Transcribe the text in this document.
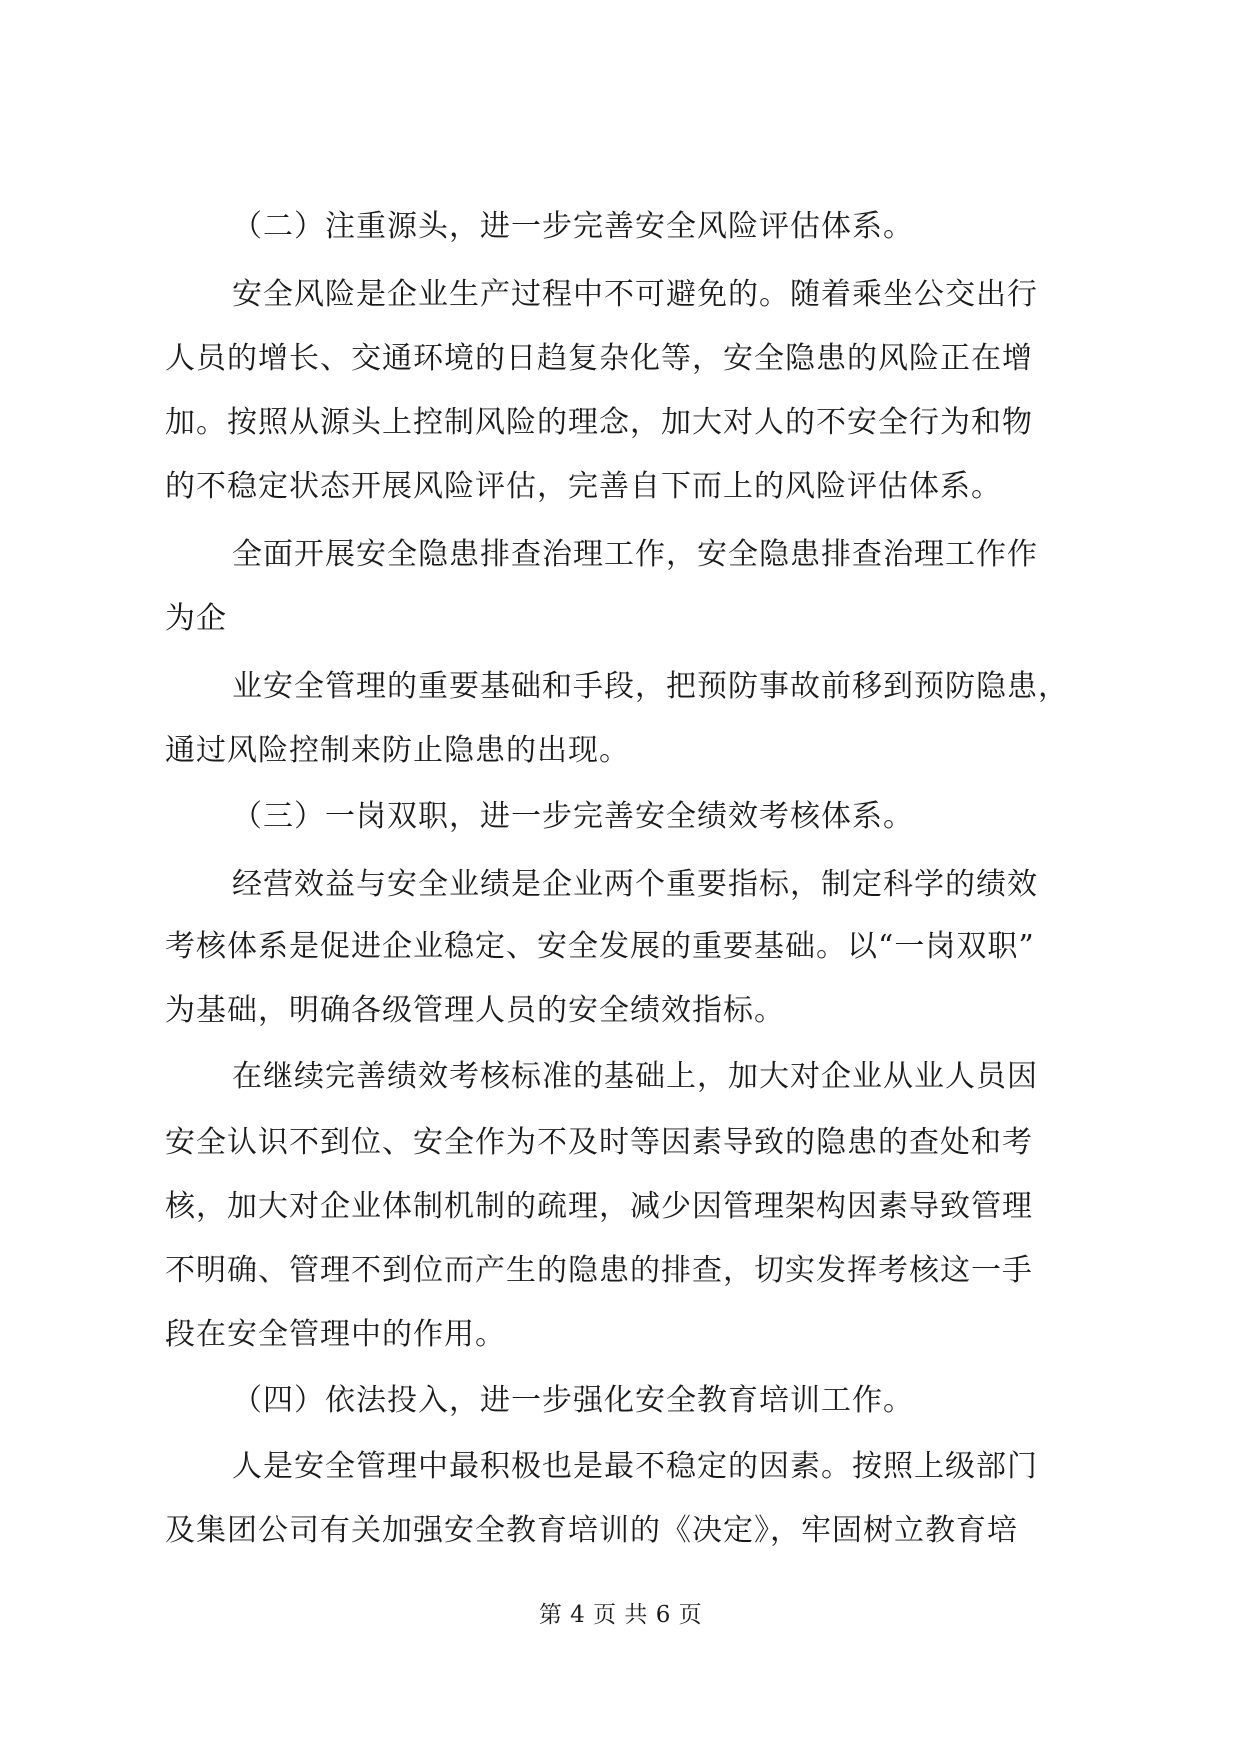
（二）注重源头，进一步完善安全风险评估体系。
安全风险是企业生产过程中不可避免的。随着乘坐公交出行
人员的增长、交通环境的日趋复杂化等，安全隐患的风险正在增
加。按照从源头上控制风险的理念，加大对人的不安全行为和物
的不稳定状态开展风险评估，完善自下而上的风险评估体系。
全面开展安全隐患排查治理工作，安全隐患排查治理工作作
为企
业安全管理的重要基础和手段，把预防事故前移到预防隐患，
通过风险控制来防止隐患的出现。
（三）一岗双职，进一步完善安全绩效考核体系。
经营效益与安全业绩是企业两个重要指标，制定科学的绩效
考核体系是促进企业稳定、安全发展的重要基础。以“一岗双职”
为基础，明确各级管理人员的安全绩效指标。
在继续完善绩效考核标准的基础上，加大对企业从业人员因
安全认识不到位、安全作为不及时等因素导致的隐患的查处和考
核，加大对企业体制机制的疏理，减少因管理架构因素导致管理
不明确、管理不到位而产生的隐患的排查，切实发挥考核这一手
段在安全管理中的作用。
（四）依法投入，进一步强化安全教育培训工作。
人是安全管理中最积极也是最不稳定的因素。按照上级部门
及集团公司有关加强安全教育培训的《决定》，牢固树立教育培
第 4 页 共 6 页
